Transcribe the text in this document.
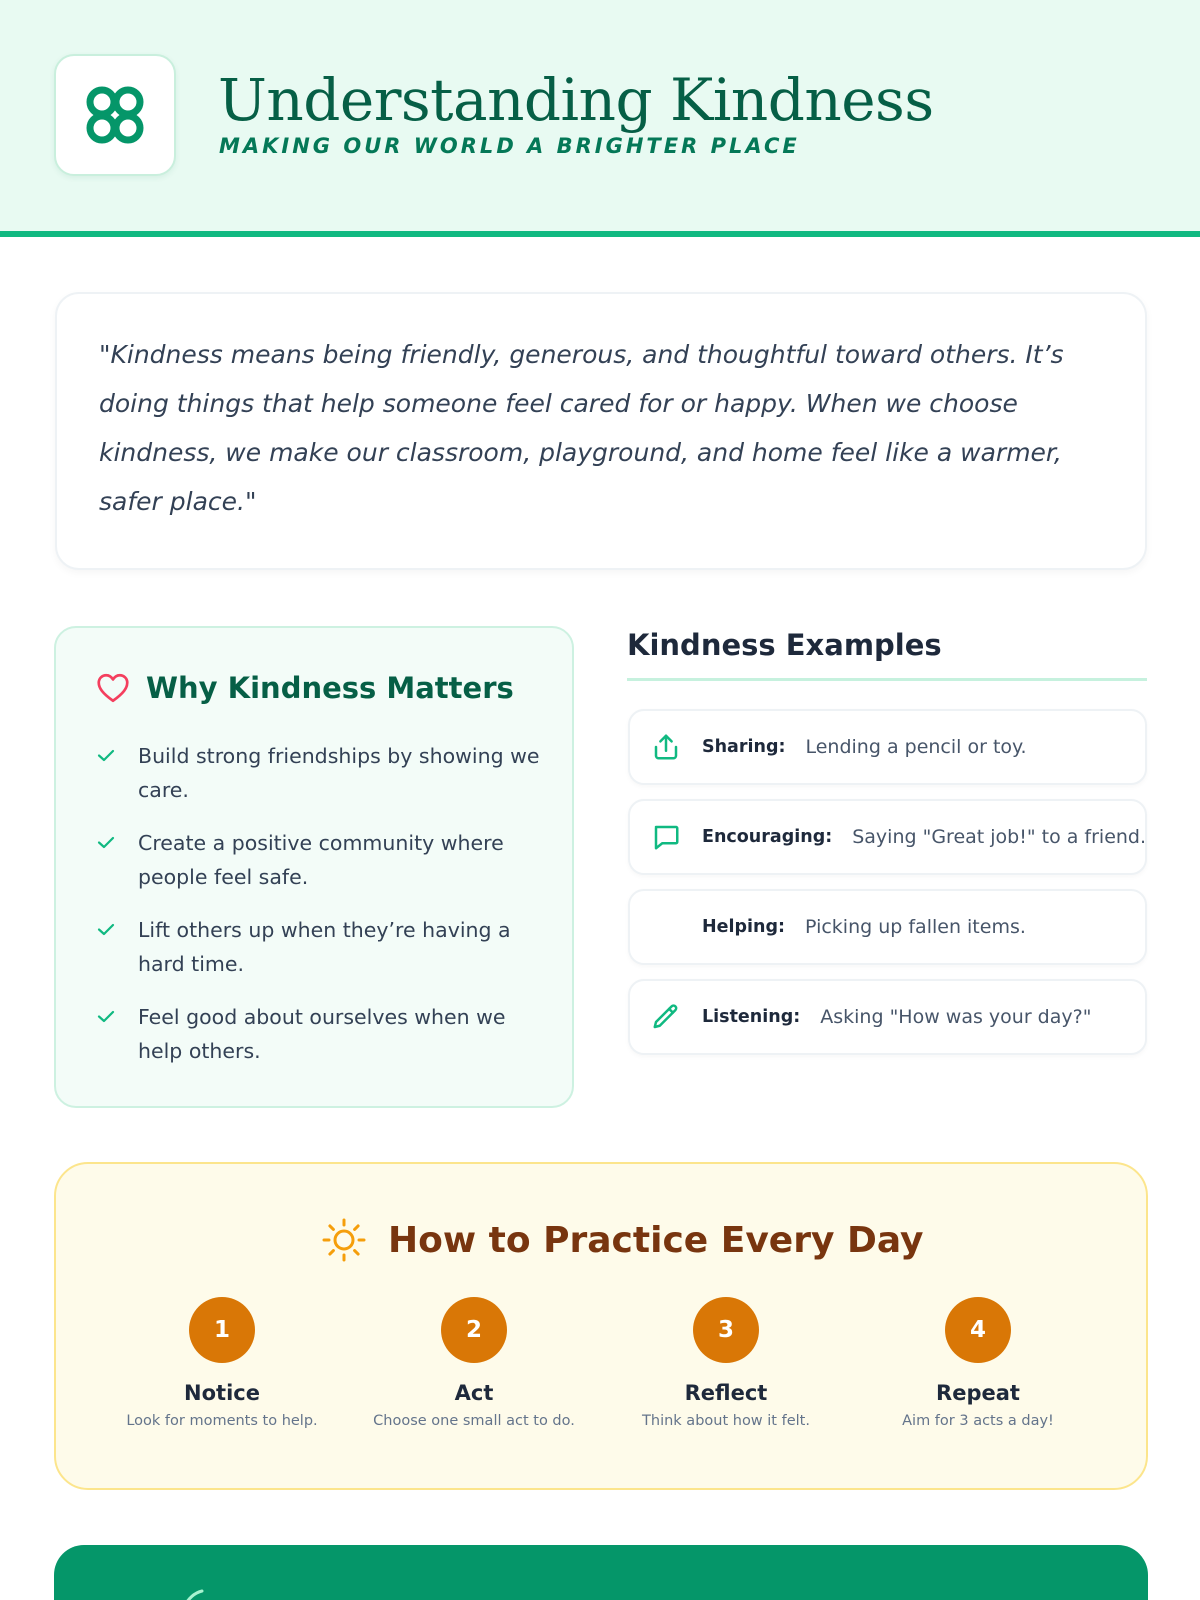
Understanding Kindness
MAKING OUR WORLD A BRIGHTER PLACE
"Kindness means being friendly, generous, and thoughtful toward others. It’s doing things that help someone feel cared for or happy. When we choose kindness, we make our classroom, playground, and home feel like a warmer, safer place."
Why Kindness Matters
Build strong friendships by showing we care.
Create a positive community where people feel safe.
Lift others up when they’re having a hard time.
Feel good about ourselves when we help others.
Kindness Examples
Sharing: Lending a pencil or toy.
Encouraging: Saying "Great job!" to a friend.
Helping: Picking up fallen items.
Listening: Asking "How was your day?"
How to Practice Every Day
1
Notice
Look for moments to help.
2
Act
Choose one small act to do.
3
Reflect
Think about how it felt.
4
Repeat
Aim for 3 acts a day!
